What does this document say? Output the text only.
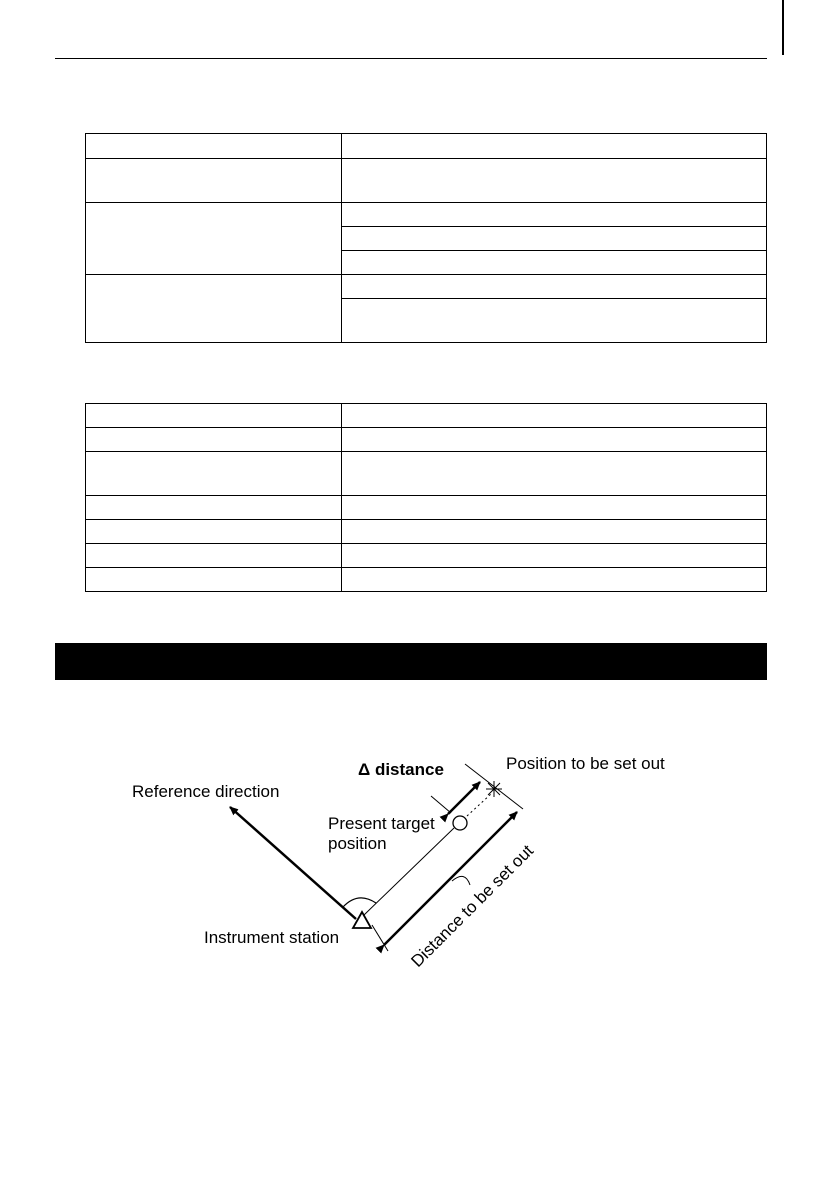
Δ distance	Position to be set out
Reference direction
Present target
position
Instrument station	Distance to be set out
